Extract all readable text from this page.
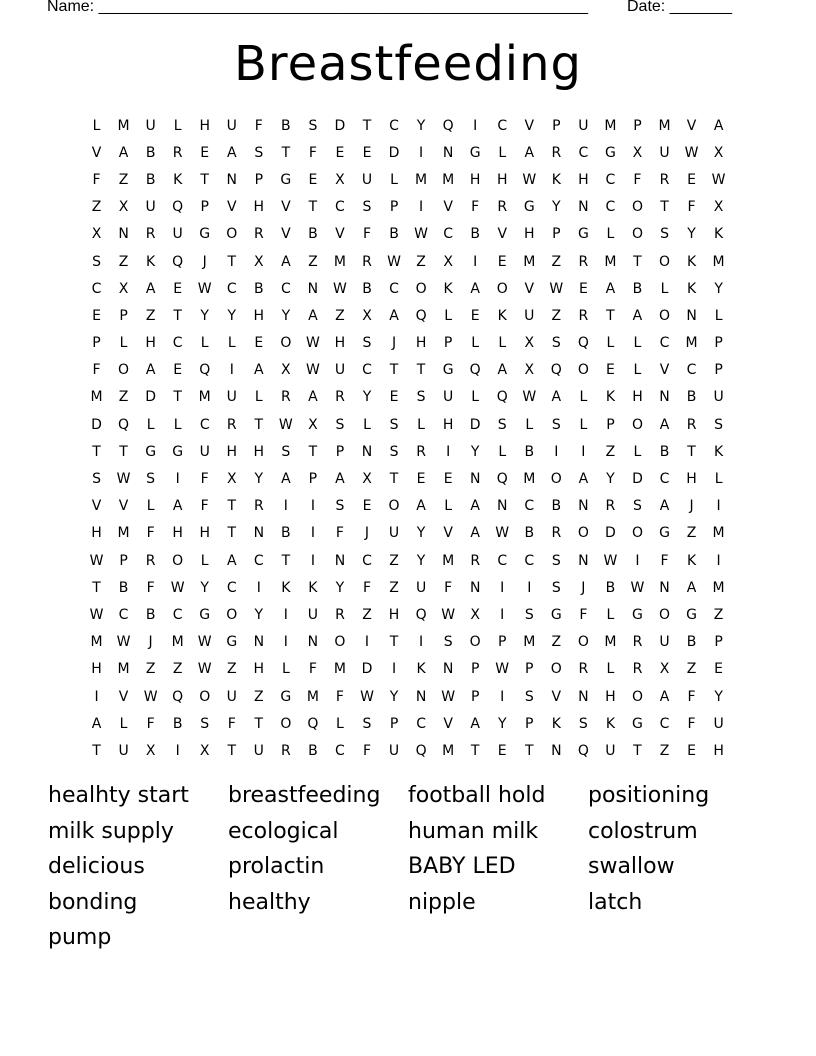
Name: _______________________________________________________ Date: _______
Breastfeeding
L	M	U	L	H	U	F	B	S	D	T	C	Y	Q	I	C	V	P	U	M	P	M	V	A
V	A	B	R	E	A	S	T	F	E	E	D	I	N	G	L	A	R	C	G	X	U	W	X
F	Z	B	K	T	N	P	G	E	X	U	L	M	M	H	H	W	K	H	C	F	R	E	W
Z	X	U	Q	P	V	H	V	T	C	S	P	I	V	F	R	G	Y	N	C	O	T	F	X
X	N	R	U	G	O	R	V	B	V	F	B	W	C	B	V	H	P	G	L	O	S	Y	K
S	Z	K	Q	J	T	X	A	Z	M	R	W	Z	X	I	E	M	Z	R	M	T	O	K	M
C	X	A	E	W	C	B	C	N	W	B	C	O	K	A	O	V	W	E	A	B	L	K	Y
E	P	Z	T	Y	Y	H	Y	A	Z	X	A	Q	L	E	K	U	Z	R	T	A	O	N	L
P	L	H	C	L	L	E	O	W	H	S	J	H	P	L	L	X	S	Q	L	L	C	M	P
F	O	A	E	Q	I	A	X	W	U	C	T	T	G	Q	A	X	Q	O	E	L	V	C	P
M	Z	D	T	M	U	L	R	A	R	Y	E	S	U	L	Q	W	A	L	K	H	N	B	U
D	Q	L	L	C	R	T	W	X	S	L	S	L	H	D	S	L	S	L	P	O	A	R	S
T	T	G	G	U	H	H	S	T	P	N	S	R	I	Y	L	B	I	I	Z	L	B	T	K
S	W	S	I	F	X	Y	A	P	A	X	T	E	E	N	Q	M	O	A	Y	D	C	H	L
V	V	L	A	F	T	R	I	I	S	E	O	A	L	A	N	C	B	N	R	S	A	J	I
H	M	F	H	H	T	N	B	I	F	J	U	Y	V	A	W	B	R	O	D	O	G	Z	M
W	P	R	O	L	A	C	T	I	N	C	Z	Y	M	R	C	C	S	N	W	I	F	K	I
T	B	F	W	Y	C	I	K	K	Y	F	Z	U	F	N	I	I	S	J	B	W	N	A	M
W	C	B	C	G	O	Y	I	U	R	Z	H	Q	W	X	I	S	G	F	L	G	O	G	Z
M	W	J	M	W	G	N	I	N	O	I	T	I	S	O	P	M	Z	O	M	R	U	B	P
H	M	Z	Z	W	Z	H	L	F	M	D	I	K	N	P	W	P	O	R	L	R	X	Z	E
I	V	W	Q	O	U	Z	G	M	F	W	Y	N	W	P	I	S	V	N	H	O	A	F	Y
A	L	F	B	S	F	T	O	Q	L	S	P	C	V	A	Y	P	K	S	K	G	C	F	U
T	U	X	I	X	T	U	R	B	C	F	U	Q	M	T	E	T	N	Q	U	T	Z	E	H
healhty start	breastfeeding	football hold	positioning
milk supply	ecological	human milk	colostrum
delicious	prolactin	BABY LED	swallow
bonding	healthy	nipple	latch
pump
